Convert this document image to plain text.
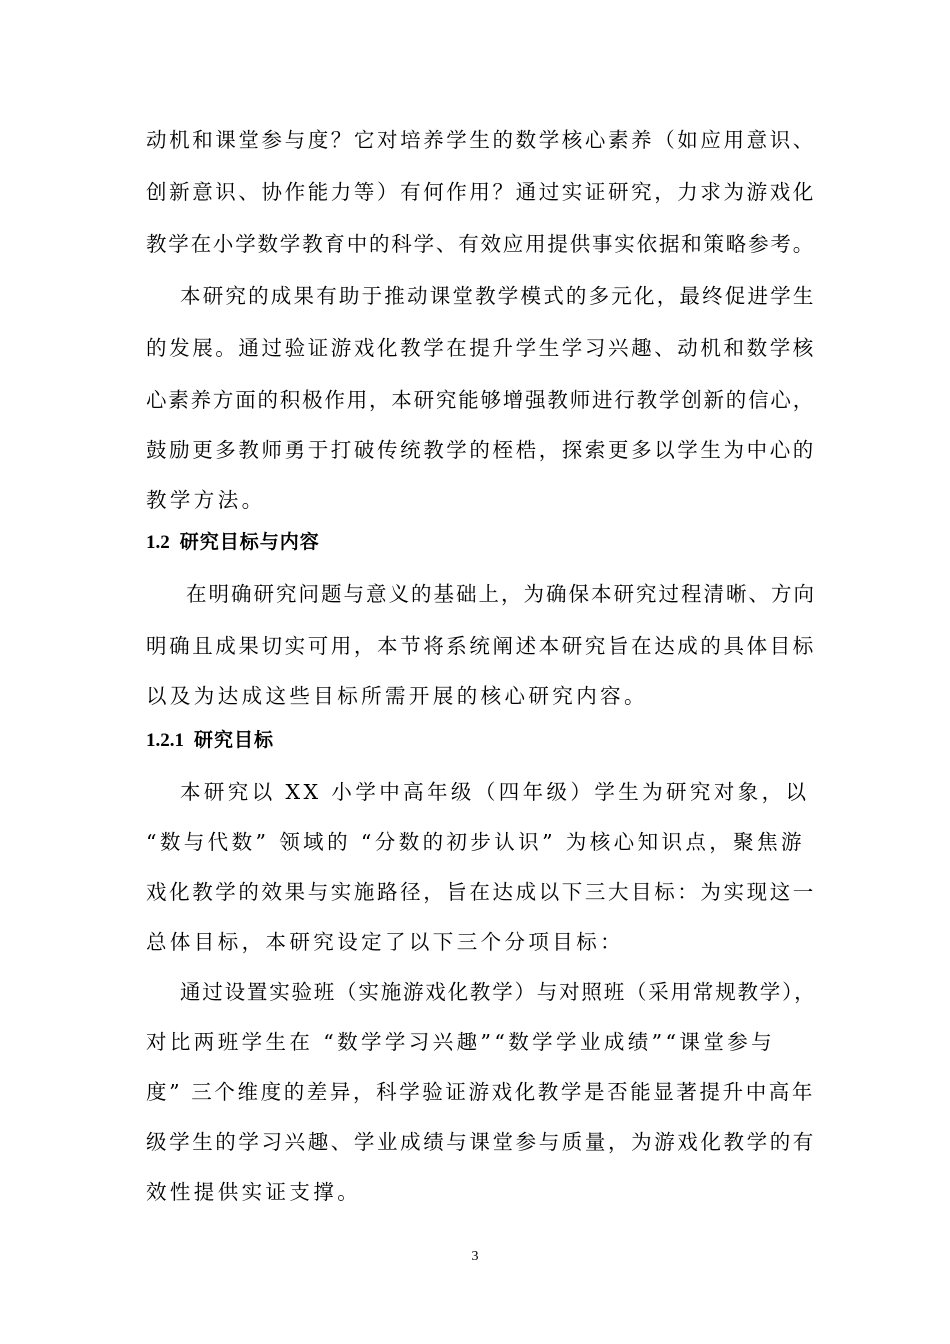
动机和课堂参与度？它对培养学生的数学核心素养（如应用意识、
创新意识、协作能力等）有何作用？通过实证研究，力求为游戏化
教学在小学数学教育中的科学、有效应用提供事实依据和策略参考。
本研究的成果有助于推动课堂教学模式的多元化，最终促进学生
的发展。通过验证游戏化教学在提升学生学习兴趣、动机和数学核
心素养方面的积极作用，本研究能够增强教师进行教学创新的信心，
鼓励更多教师勇于打破传统教学的桎梏，探索更多以学生为中心的
教学方法。
1.2 研究目标与内容
在明确研究问题与意义的基础上，为确保本研究过程清晰、方向
明确且成果切实可用，本节将系统阐述本研究旨在达成的具体目标
以及为达成这些目标所需开展的核心研究内容。
1.2.1 研究目标
本研究以 XX 小学中高年级（四年级）学生为研究对象，以
“数与代数” 领域的 “分数的初步认识” 为核心知识点，聚焦游
戏化教学的效果与实施路径，旨在达成以下三大目标：为实现这一
总体目标，本研究设定了以下三个分项目标：
通过设置实验班（实施游戏化教学）与对照班（采用常规教学），
对比两班学生在 “数学学习兴趣”“数学学业成绩”“课堂参与
度” 三个维度的差异，科学验证游戏化教学是否能显著提升中高年
级学生的学习兴趣、学业成绩与课堂参与质量，为游戏化教学的有
效性提供实证支撑。
3
